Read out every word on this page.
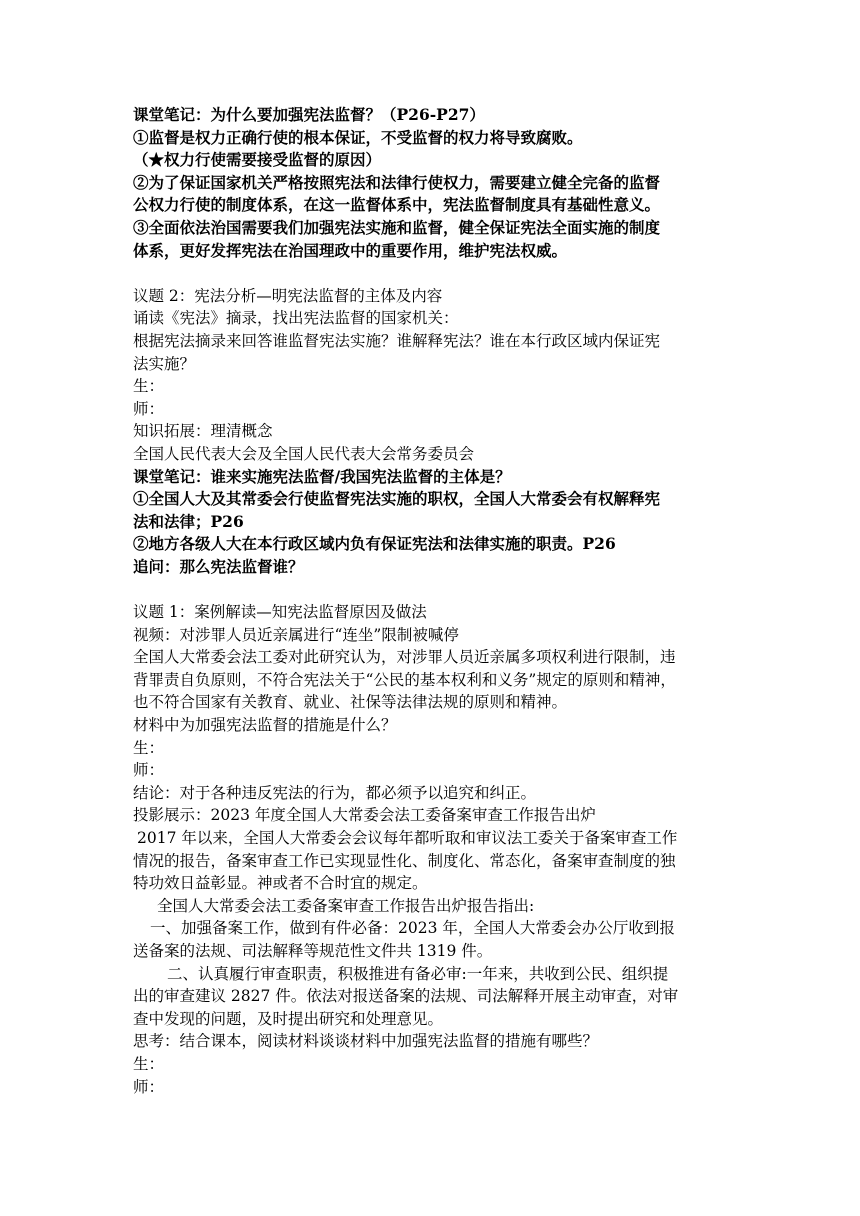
课堂笔记：为什么要加强宪法监督？（P26-P27）
①监督是权力正确行使的根本保证，不受监督的权力将导致腐败。
（★权力行使需要接受监督的原因）
②为了保证国家机关严格按照宪法和法律行使权力，需要建立健全完备的监督
公权力行使的制度体系，在这一监督体系中，宪法监督制度具有基础性意义。
③全面依法治国需要我们加强宪法实施和监督，健全保证宪法全面实施的制度
体系，更好发挥宪法在治国理政中的重要作用，维护宪法权威。
议题 2：宪法分析—明宪法监督的主体及内容
诵读《宪法》摘录，找出宪法监督的国家机关：
根据宪法摘录来回答谁监督宪法实施？谁解释宪法？谁在本行政区域内保证宪
法实施？
生：
师：
知识拓展：理清概念
全国人民代表大会及全国人民代表大会常务委员会
课堂笔记：谁来实施宪法监督/我国宪法监督的主体是？
①全国人大及其常委会行使监督宪法实施的职权，全国人大常委会有权解释宪
法和法律；P26
②地方各级人大在本行政区域内负有保证宪法和法律实施的职责。P26
追问：那么宪法监督谁？
议题 1：案例解读—知宪法监督原因及做法
视频：对涉罪人员近亲属进行“连坐”限制被喊停
全国人大常委会法工委对此研究认为，对涉罪人员近亲属多项权利进行限制，违
背罪责自负原则，不符合宪法关于“公民的基本权利和义务”规定的原则和精神，
也不符合国家有关教育、就业、社保等法律法规的原则和精神。
材料中为加强宪法监督的措施是什么？
生：
师：
结论：对于各种违反宪法的行为，都必须予以追究和纠正。
投影展示：2023 年度全国人大常委会法工委备案审查工作报告出炉
2017 年以来，全国人大常委会会议每年都听取和审议法工委关于备案审查工作
情况的报告，备案审查工作已实现显性化、制度化、常态化，备案审查制度的独
特功效日益彰显。神或者不合时宜的规定。
全国人大常委会法工委备案审查工作报告出炉报告指出:
一、加强备案工作，做到有件必备：2023 年，全国人大常委会办公厅收到报
送备案的法规、司法解释等规范性文件共 1319 件。
二、认真履行审查职责，积极推进有备必审:一年来，共收到公民、组织提
出的审查建议 2827 件。依法对报送备案的法规、司法解释开展主动审查，对审
查中发现的问题，及时提出研究和处理意见。
思考：结合课本，阅读材料谈谈材料中加强宪法监督的措施有哪些？
生：
师：
